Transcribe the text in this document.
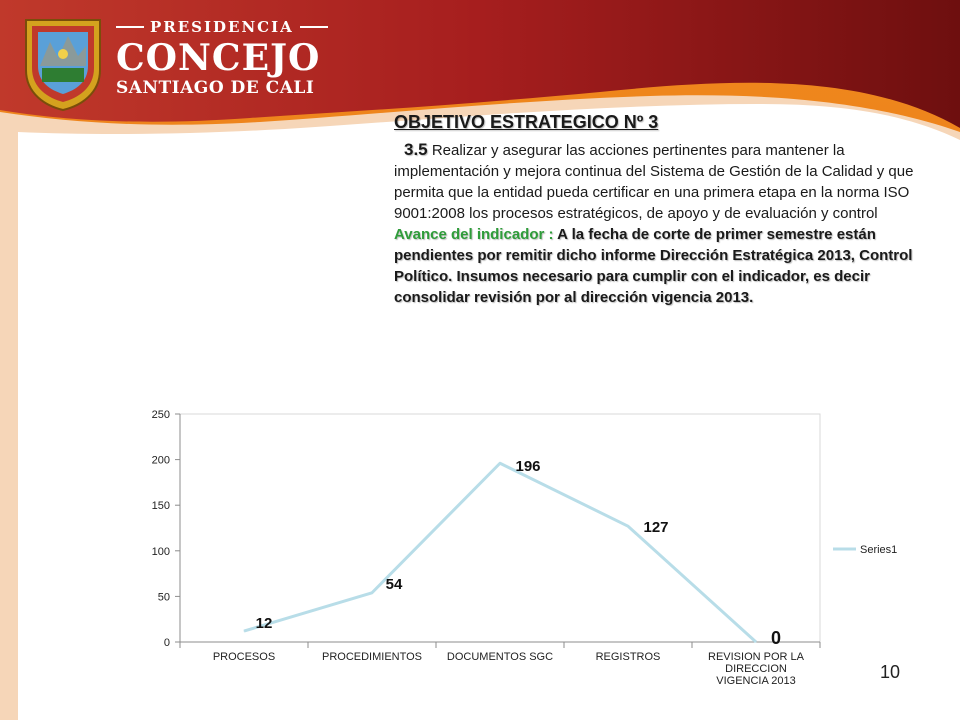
PRESIDENCIA
CONCEJO
SANTIAGO DE CALI

OBJETIVO ESTRATEGICO Nº 3

3.5 Realizar y asegurar las acciones pertinentes para mantener la implementación y mejora continua del Sistema de Gestión de la Calidad y que permita que la entidad pueda certificar en una primera etapa en la norma ISO 9001:2008 los procesos estratégicos, de apoyo y de evaluación y control

Avance del indicador : A la fecha de corte de primer semestre están pendientes por remitir dicho informe Dirección Estratégica 2013, Control Político. Insumos necesario para cumplir con el indicador, es decir consolidar revisión por al dirección vigencia 2013.

0
50
100
150
200
250
PROCESOS	PROCEDIMIENTOS DOCUMENTOS SGC	REGISTROS	REVISION POR LA DIRECCION VIGENCIA 2013
12
54
196
127
0
Series1
10
